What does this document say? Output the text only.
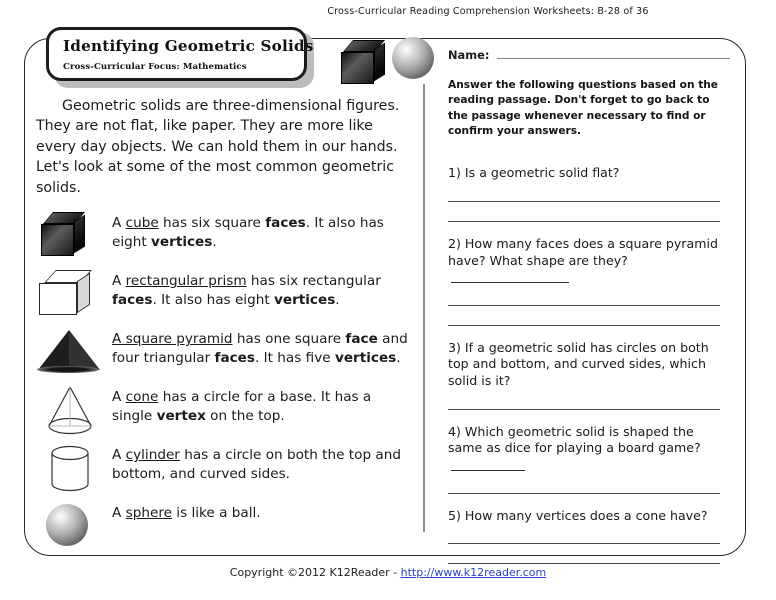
Cross-Curricular Reading Comprehension Worksheets: B-28 of 36
Identifying Geometric Solids
Cross-Curricular Focus: Mathematics

Geometric solids are three-dimensional figures. They are not flat, like paper. They are more like every day objects. We can hold them in our hands. Let's look at some of the most common geometric solids.

A cube has six square faces. It also has eight vertices.
A rectangular prism has six rectangular faces. It also has eight vertices.
A square pyramid has one square face and four triangular faces. It has five vertices.
A cone has a circle for a base. It has a single vertex on the top.
A cylinder has a circle on both the top and bottom, and curved sides.
A sphere is like a ball.
Name:
Answer the following questions based on the reading passage. Don't forget to go back to the passage whenever necessary to find or confirm your answers.
1) Is a geometric solid flat?
2) How many faces does a square pyramid have? What shape are they?
3) If a geometric solid has circles on both top and bottom, and curved sides, which solid is it?
4) Which geometric solid is shaped the same as dice for playing a board game?
5) How many vertices does a cone have?
Copyright ©2012 K12Reader - http://www.k12reader.com
